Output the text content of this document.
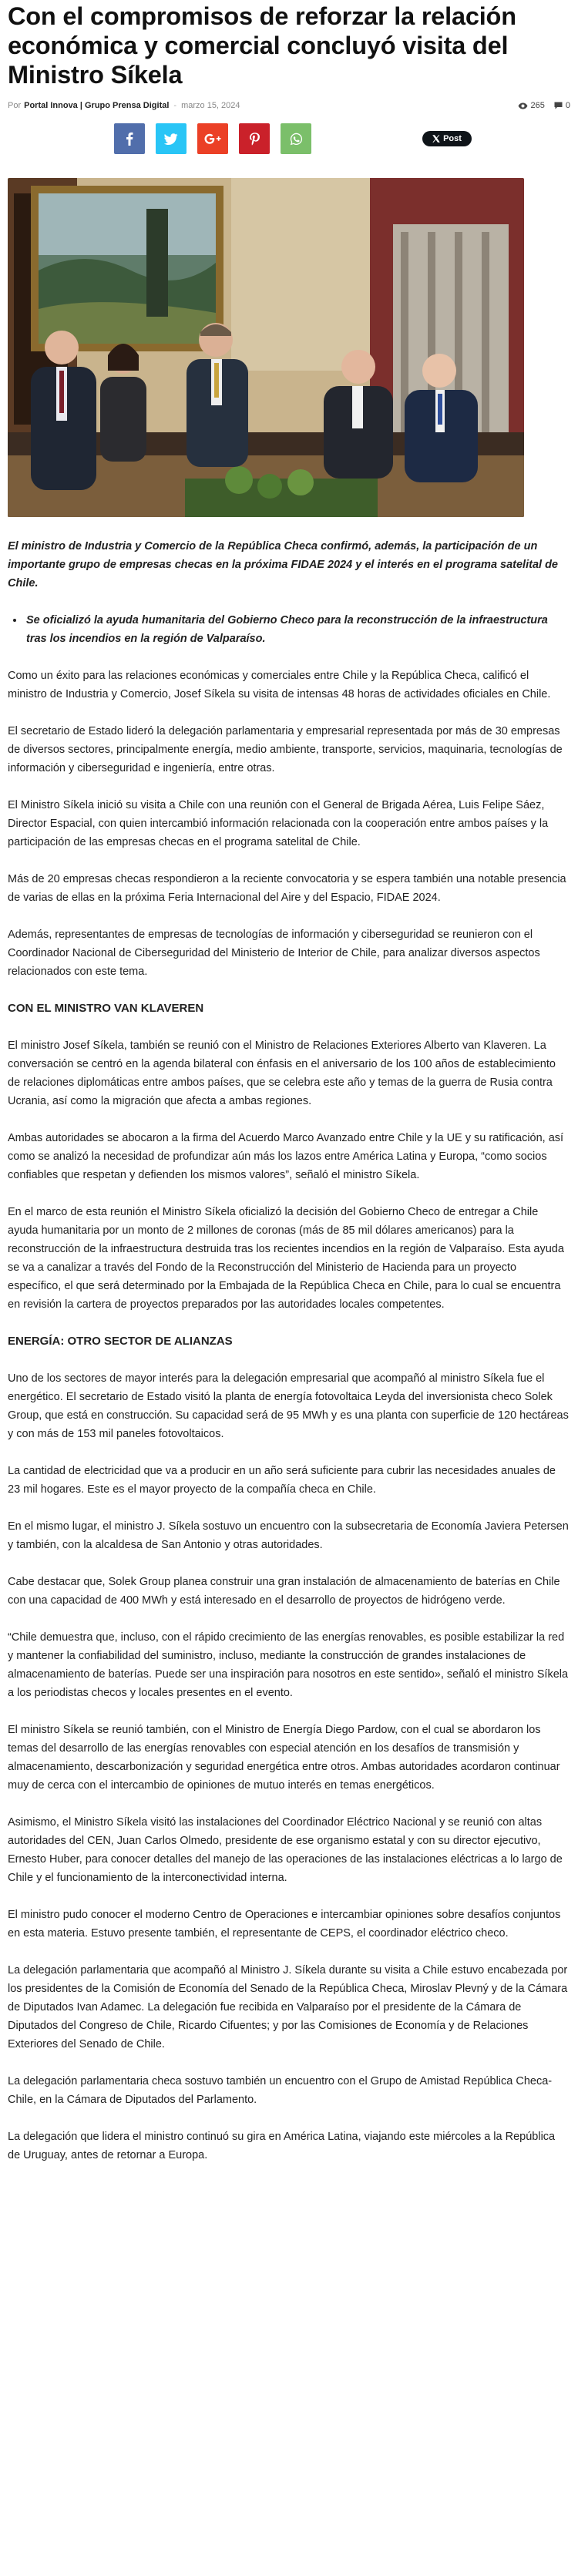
Con el compromisos de reforzar la relación económica y comercial concluyó visita del Ministro Síkela
Por Portal Innova | Grupo Prensa Digital - marzo 15, 2024	265 0
Post

El ministro de Industria y Comercio de la República Checa confirmó, además, la participación de un importante grupo de empresas checas en la próxima FIDAE 2024 y el interés en el programa satelital de Chile.

• Se oficializó la ayuda humanitaria del Gobierno Checo para la reconstrucción de la infraestructura tras los incendios en la región de Valparaíso.

Como un éxito para las relaciones económicas y comerciales entre Chile y la República Checa, calificó el ministro de Industria y Comercio, Josef Síkela su visita de intensas 48 horas de actividades oficiales en Chile.

El secretario de Estado lideró la delegación parlamentaria y empresarial representada por más de 30 empresas de diversos sectores, principalmente energía, medio ambiente, transporte, servicios, maquinaria, tecnologías de información y ciberseguridad e ingeniería, entre otras.

El Ministro Síkela inició su visita a Chile con una reunión con el General de Brigada Aérea, Luis Felipe Sáez, Director Espacial, con quien intercambió información relacionada con la cooperación entre ambos países y la participación de las empresas checas en el programa satelital de Chile.

Más de 20 empresas checas respondieron a la reciente convocatoria y se espera también una notable presencia de varias de ellas en la próxima Feria Internacional del Aire y del Espacio, FIDAE 2024.

Además, representantes de empresas de tecnologías de información y ciberseguridad se reunieron con el Coordinador Nacional de Ciberseguridad del Ministerio de Interior de Chile, para analizar diversos aspectos relacionados con este tema.

CON EL MINISTRO VAN KLAVEREN

El ministro Josef Síkela, también se reunió con el Ministro de Relaciones Exteriores Alberto van Klaveren. La conversación se centró en la agenda bilateral con énfasis en el aniversario de los 100 años de establecimiento de relaciones diplomáticas entre ambos países, que se celebra este año y temas de la guerra de Rusia contra Ucrania, así como la migración que afecta a ambas regiones.

Ambas autoridades se abocaron a la firma del Acuerdo Marco Avanzado entre Chile y la UE y su ratificación, así como se analizó la necesidad de profundizar aún más los lazos entre América Latina y Europa, “como socios confiables que respetan y defienden los mismos valores”, señaló el ministro Síkela.

En el marco de esta reunión el Ministro Síkela oficializó la decisión del Gobierno Checo de entregar a Chile ayuda humanitaria por un monto de 2 millones de coronas (más de 85 mil dólares americanos) para la reconstrucción de la infraestructura destruida tras los recientes incendios en la región de Valparaíso. Esta ayuda se va a canalizar a través del Fondo de la Reconstrucción del Ministerio de Hacienda para un proyecto específico, el que será determinado por la Embajada de la República Checa en Chile, para lo cual se encuentra en revisión la cartera de proyectos preparados por las autoridades locales competentes.

ENERGÍA: OTRO SECTOR DE ALIANZAS

Uno de los sectores de mayor interés para la delegación empresarial que acompañó al ministro Síkela fue el energético. El secretario de Estado visitó la planta de energía fotovoltaica Leyda del inversionista checo Solek Group, que está en construcción. Su capacidad será de 95 MWh y es una planta con superficie de 120 hectáreas y con más de 153 mil paneles fotovoltaicos.

La cantidad de electricidad que va a producir en un año será suficiente para cubrir las necesidades anuales de 23 mil hogares. Este es el mayor proyecto de la compañía checa en Chile.

En el mismo lugar, el ministro J. Síkela sostuvo un encuentro con la subsecretaria de Economía Javiera Petersen y también, con la alcaldesa de San Antonio y otras autoridades.

Cabe destacar que, Solek Group planea construir una gran instalación de almacenamiento de baterías en Chile con una capacidad de 400 MWh y está interesado en el desarrollo de proyectos de hidrógeno verde.

“Chile demuestra que, incluso, con el rápido crecimiento de las energías renovables, es posible estabilizar la red y mantener la confiabilidad del suministro, incluso, mediante la construcción de grandes instalaciones de almacenamiento de baterías. Puede ser una inspiración para nosotros en este sentido», señaló el ministro Síkela a los periodistas checos y locales presentes en el evento.

El ministro Síkela se reunió también, con el Ministro de Energía Diego Pardow, con el cual se abordaron los temas del desarrollo de las energías renovables con especial atención en los desafíos de transmisión y almacenamiento, descarbonización y seguridad energética entre otros. Ambas autoridades acordaron continuar muy de cerca con el intercambio de opiniones de mutuo interés en temas energéticos.

Asimismo, el Ministro Síkela visitó las instalaciones del Coordinador Eléctrico Nacional y se reunió con altas autoridades del CEN, Juan Carlos Olmedo, presidente de ese organismo estatal y con su director ejecutivo, Ernesto Huber, para conocer detalles del manejo de las operaciones de las instalaciones eléctricas a lo largo de Chile y el funcionamiento de la interconectividad interna.

El ministro pudo conocer el moderno Centro de Operaciones e intercambiar opiniones sobre desafíos conjuntos en esta materia. Estuvo presente también, el representante de CEPS, el coordinador eléctrico checo.

La delegación parlamentaria que acompañó al Ministro J. Síkela durante su visita a Chile estuvo encabezada por los presidentes de la Comisión de Economía del Senado de la República Checa, Miroslav Plevný y de la Cámara de Diputados Ivan Adamec. La delegación fue recibida en Valparaíso por el presidente de la Cámara de Diputados del Congreso de Chile, Ricardo Cifuentes; y por las Comisiones de Economía y de Relaciones Exteriores del Senado de Chile.

La delegación parlamentaria checa sostuvo también un encuentro con el Grupo de Amistad República Checa-Chile, en la Cámara de Diputados del Parlamento.

La delegación que lidera el ministro continuó su gira en América Latina, viajando este miércoles a la República de Uruguay, antes de retornar a Europa.
